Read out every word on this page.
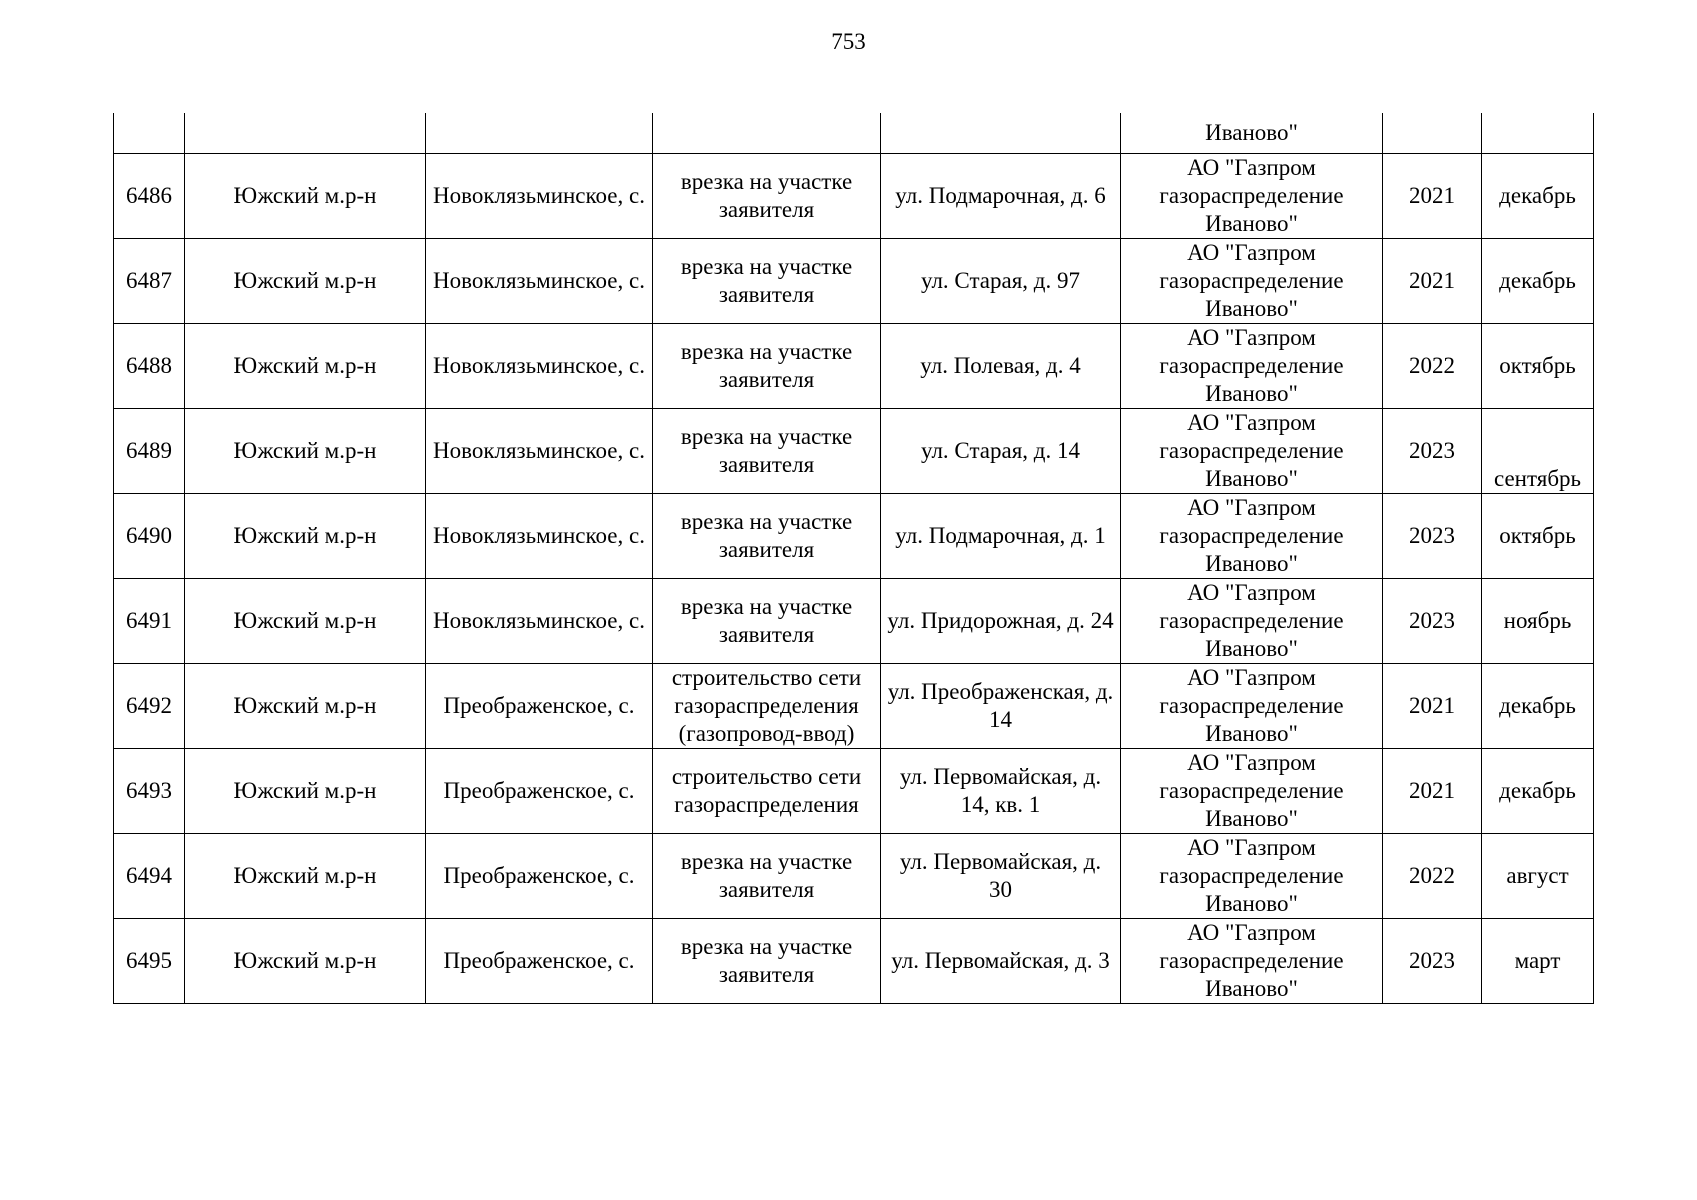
753
					Иваново"		
6486	Южский м.р-н	Новоклязьминское, с.	врезка на участке заявителя	ул. Подмарочная, д. 6	АО "Газпром газораспределение Иваново"	2021	декабрь
6487	Южский м.р-н	Новоклязьминское, с.	врезка на участке заявителя	ул. Старая, д. 97	АО "Газпром газораспределение Иваново"	2021	декабрь
6488	Южский м.р-н	Новоклязьминское, с.	врезка на участке заявителя	ул. Полевая, д. 4	АО "Газпром газораспределение Иваново"	2022	октябрь
6489	Южский м.р-н	Новоклязьминское, с.	врезка на участке заявителя	ул. Старая, д. 14	АО "Газпром газораспределение Иваново"	2023	сентябрь
6490	Южский м.р-н	Новоклязьминское, с.	врезка на участке заявителя	ул. Подмарочная, д. 1	АО "Газпром газораспределение Иваново"	2023	октябрь
6491	Южский м.р-н	Новоклязьминское, с.	врезка на участке заявителя	ул. Придорожная, д. 24	АО "Газпром газораспределение Иваново"	2023	ноябрь
6492	Южский м.р-н	Преображенское, с.	строительство сети газораспределения (газопровод-ввод)	ул. Преображенская, д. 14	АО "Газпром газораспределение Иваново"	2021	декабрь
6493	Южский м.р-н	Преображенское, с.	строительство сети газораспределения	ул. Первомайская, д. 14, кв. 1	АО "Газпром газораспределение Иваново"	2021	декабрь
6494	Южский м.р-н	Преображенское, с.	врезка на участке заявителя	ул. Первомайская, д. 30	АО "Газпром газораспределение Иваново"	2022	август
6495	Южский м.р-н	Преображенское, с.	врезка на участке заявителя	ул. Первомайская, д. 3	АО "Газпром газораспределение Иваново"	2023	март
